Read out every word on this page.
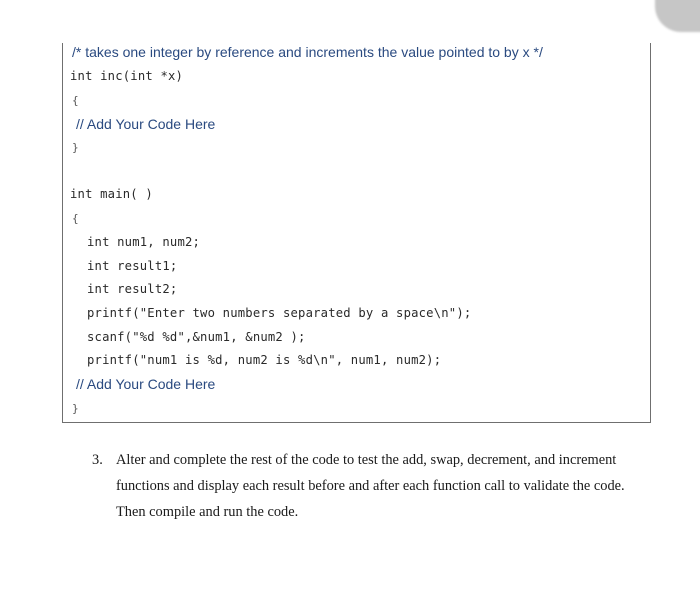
/* takes one integer by reference and increments the value pointed to by x */
int inc(int *x)
{
// Add Your Code Here
}
int main( )
{
int num1, num2;
int result1;
int result2;
printf("Enter two numbers separated by a space\n");
scanf("%d %d",&num1, &num2 );
printf("num1 is %d, num2 is %d\n", num1, num2);
// Add Your Code Here
}
3. Alter and complete the rest of the code to test the add, swap, decrement, and increment functions and display each result before and after each function call to validate the code. Then compile and run the code.
